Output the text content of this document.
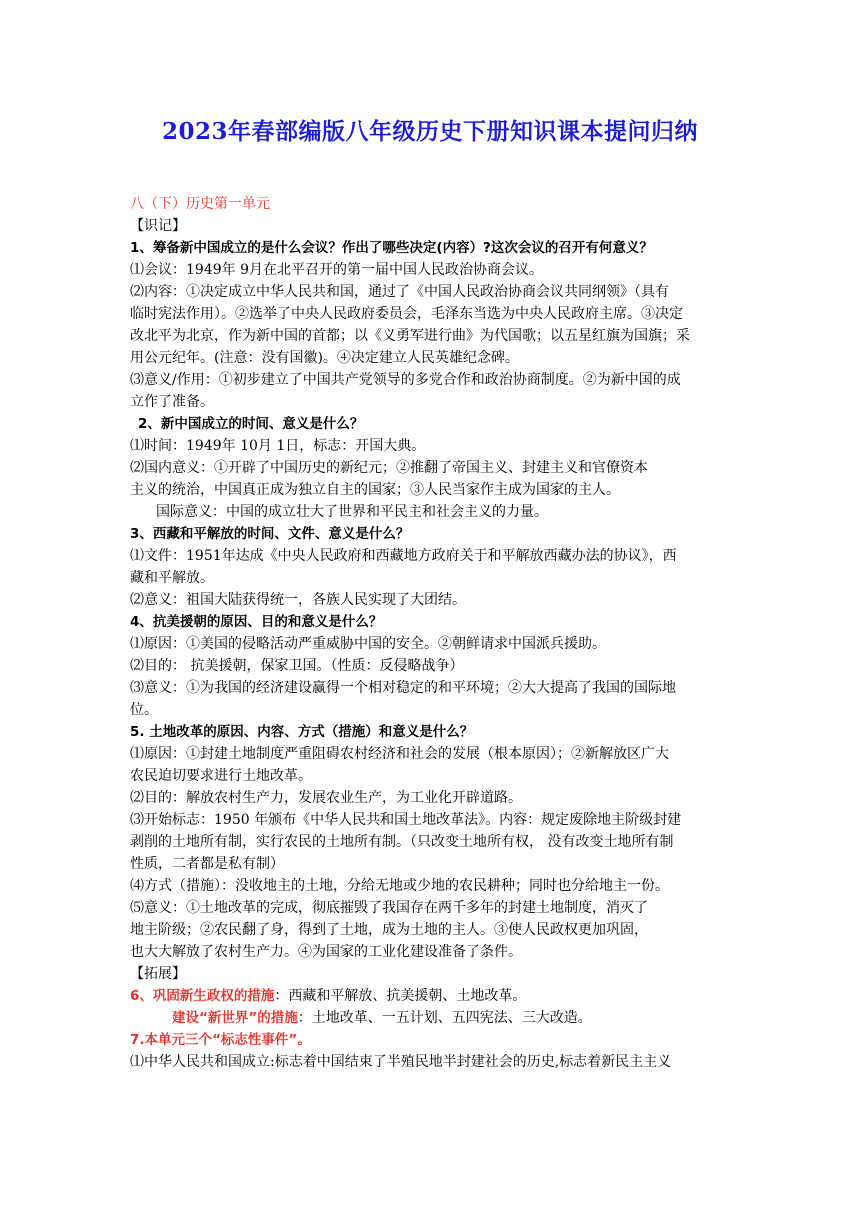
2023年春部编版八年级历史下册知识课本提问归纳

八（下）历史第一单元

【识记】

1、筹备新中国成立的是什么会议？作出了哪些决定(内容）?这次会议的召开有何意义？

⑴会议：1949年 9月在北平召开的第一届中国人民政治协商会议。

⑵内容：①决定成立中华人民共和国，通过了《中国人民政治协商会议共同纲领》（具有

临时宪法作用）。②选举了中央人民政府委员会，毛泽东当选为中央人民政府主席。③决定

改北平为北京，作为新中国的首都；以《义勇军进行曲》为代国歌；以五星红旗为国旗；采

用公元纪年。(注意：没有国徽)。④决定建立人民英雄纪念碑。

⑶意义/作用：①初步建立了中国共产党领导的多党合作和政治协商制度。②为新中国的成

立作了准备。

2、新中国成立的时间、意义是什么？

⑴时间：1949年 10月 1日，标志：开国大典。

⑵国内意义：①开辟了中国历史的新纪元；②推翻了帝国主义、封建主义和官僚资本

主义的统治，中国真正成为独立自主的国家；③人民当家作主成为国家的主人。

国际意义：中国的成立壮大了世界和平民主和社会主义的力量。

3、西藏和平解放的时间、文件、意义是什么？

⑴文件：1951年达成《中央人民政府和西藏地方政府关于和平解放西藏办法的协议》，西

藏和平解放。

⑵意义：祖国大陆获得统一，各族人民实现了大团结。

4、抗美援朝的原因、目的和意义是什么？

⑴原因：①美国的侵略活动严重威胁中国的安全。②朝鲜请求中国派兵援助。

⑵目的： 抗美援朝，保家卫国。（性质：反侵略战争）

⑶意义：①为我国的经济建设赢得一个相对稳定的和平环境；②大大提高了我国的国际地

位。

5. 土地改革的原因、内容、方式（措施）和意义是什么？

⑴原因：①封建土地制度严重阻碍农村经济和社会的发展（根本原因）；②新解放区广大

农民迫切要求进行土地改革。

⑵目的：解放农村生产力，发展农业生产，为工业化开辟道路。

⑶开始标志：1950 年颁布《中华人民共和国土地改革法》。内容：规定废除地主阶级封建

剥削的土地所有制，实行农民的土地所有制。（只改变土地所有权， 没有改变土地所有制

性质，二者都是私有制）

⑷方式（措施）：没收地主的土地，分给无地或少地的农民耕种；同时也分给地主一份。

⑸意义：①土地改革的完成，彻底摧毁了我国存在两千多年的封建土地制度，消灭了

地主阶级；②农民翻了身，得到了土地，成为土地的主人。③使人民政权更加巩固，

也大大解放了农村生产力。④为国家的工业化建设准备了条件。

【拓展】

6、巩固新生政权的措施：西藏和平解放、抗美援朝、土地改革。

建设“新世界”的措施：土地改革、一五计划、五四宪法、三大改造。

7.本单元三个“标志性事件”。

⑴中华人民共和国成立:标志着中国结束了半殖民地半封建社会的历史,标志着新民主主义
